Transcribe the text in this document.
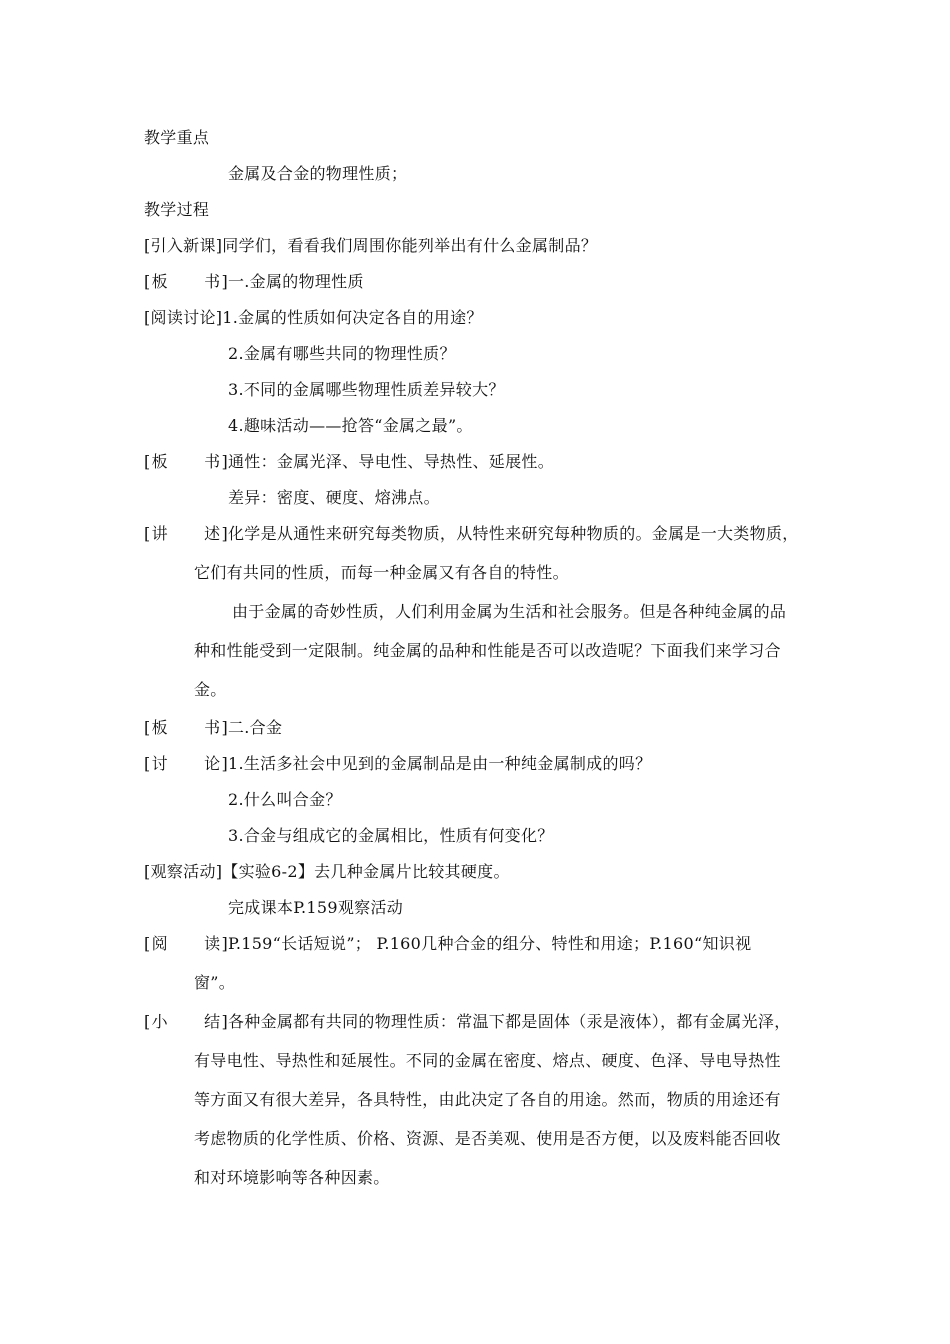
教学重点
金属及合金的物理性质；
教学过程
[引入新课]同学们，看看我们周围你能列举出有什么金属制品？
[板 书]一.金属的物理性质
[阅读讨论]1.金属的性质如何决定各自的用途？
2.金属有哪些共同的物理性质？
3.不同的金属哪些物理性质差异较大？
4.趣味活动——抢答“金属之最”。
[板 书]通性：金属光泽、导电性、导热性、延展性。
差异：密度、硬度、熔沸点。
[讲 述]化学是从通性来研究每类物质，从特性来研究每种物质的。金属是一大类物质，
它们有共同的性质，而每一种金属又有各自的特性。
由于金属的奇妙性质，人们利用金属为生活和社会服务。但是各种纯金属的品
种和性能受到一定限制。纯金属的品种和性能是否可以改造呢？下面我们来学习合
金。
[板 书]二.合金
[讨 论]1.生活多社会中见到的金属制品是由一种纯金属制成的吗？
2.什么叫合金？
3.合金与组成它的金属相比，性质有何变化？
[观察活动]【实验6-2】去几种金属片比较其硬度。
完成课本P.159观察活动
[阅 读]P.159“长话短说”； P.160几种合金的组分、特性和用途；P.160“知识视
窗”。
[小 结]各种金属都有共同的物理性质：常温下都是固体（汞是液体），都有金属光泽，
有导电性、导热性和延展性。不同的金属在密度、熔点、硬度、色泽、导电导热性
等方面又有很大差异，各具特性，由此决定了各自的用途。然而，物质的用途还有
考虑物质的化学性质、价格、资源、是否美观、使用是否方便，以及废料能否回收
和对环境影响等各种因素。
